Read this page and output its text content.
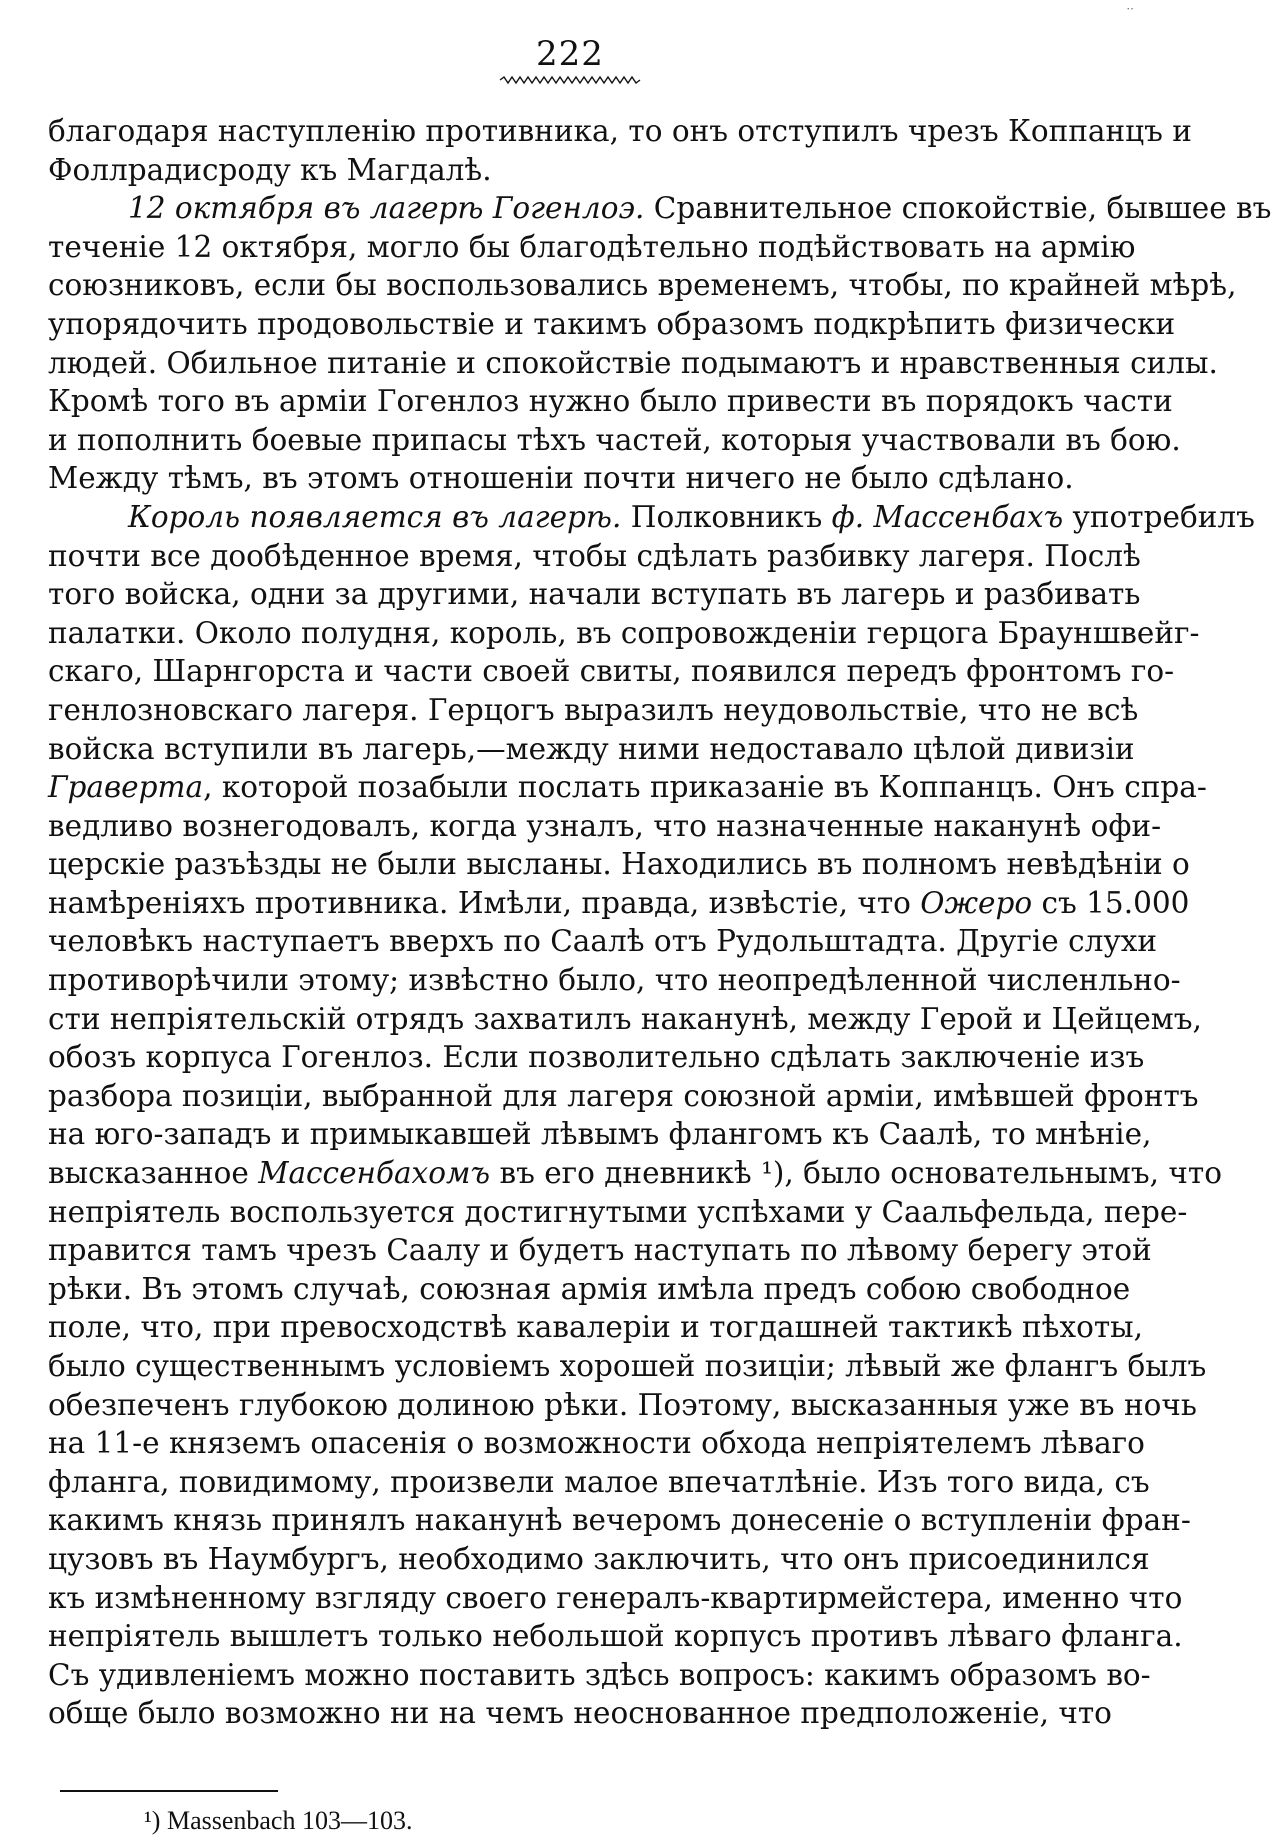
··
222
благодаря наступленію противника, то онъ отступилъ чрезъ Коппанцъ и
Фоллрадисроду къ Магдалѣ.
12 октября въ лагерѣ Гогенлоэ. Сравнительное спокойствіе, бывшее въ
теченіе 12 октября, могло бы благодѣтельно подѣйствовать на армію
союзниковъ, если бы воспользовались временемъ, чтобы, по крайней мѣрѣ,
упорядочить продовольствіе и такимъ образомъ подкрѣпить физически
людей. Обильное питаніе и спокойствіе подымаютъ и нравственныя силы.
Кромѣ того въ арміи Гогенлоз нужно было привести въ порядокъ части
и пополнить боевые припасы тѣхъ частей, которыя участвовали въ бою.
Между тѣмъ, въ этомъ отношеніи почти ничего не было сдѣлано.
Король появляется въ лагерѣ. Полковникъ ф. Массенбахъ употребилъ
почти все дообѣденное время, чтобы сдѣлать разбивку лагеря. Послѣ
того войска, одни за другими, начали вступать въ лагерь и разбивать
палатки. Около полудня, король, въ сопровожденіи герцога Брауншвейг-
скаго, Шарнгорста и части своей свиты, появился передъ фронтомъ го-
генлозновскаго лагеря. Герцогъ выразилъ неудовольствіе, что не всѣ
войска вступили въ лагерь,—между ними недоставало цѣлой дивизіи
Граверта, которой позабыли послать приказаніе въ Коппанцъ. Онъ спра-
ведливо вознегодовалъ, когда узналъ, что назначенные наканунѣ офи-
церскіе разъѣзды не были высланы. Находились въ полномъ невѣдѣніи о
намѣреніяхъ противника. Имѣли, правда, извѣстіе, что Ожеро съ 15.000
человѣкъ наступаетъ вверхъ по Саалѣ отъ Рудольштадта. Другіе слухи
противорѣчили этому; извѣстно было, что неопредѣленной численльно-
сти непріятельскій отрядъ захватилъ наканунѣ, между Герой и Цейцемъ,
обозъ корпуса Гогенлоз. Если позволительно сдѣлать заключеніе изъ
разбора позиціи, выбранной для лагеря союзной арміи, имѣвшей фронтъ
на юго-западъ и примыкавшей лѣвымъ флангомъ къ Саалѣ, то мнѣніе,
высказанное Массенбахомъ въ его дневникѣ ¹), было основательнымъ, что
непріятель воспользуется достигнутыми успѣхами у Саальфельда, пере-
правится тамъ чрезъ Саалу и будетъ наступать по лѣвому берегу этой
рѣки. Въ этомъ случаѣ, союзная армія имѣла предъ собою свободное
поле, что, при превосходствѣ кавалеріи и тогдашней тактикѣ пѣхоты,
было существеннымъ условіемъ хорошей позиціи; лѣвый же флангъ былъ
обезпеченъ глубокою долиною рѣки. Поэтому, высказанныя уже въ ночь
на 11-е княземъ опасенія о возможности обхода непріятелемъ лѣваго
фланга, повидимому, произвели малое впечатлѣніе. Изъ того вида, съ
какимъ князь принялъ наканунѣ вечеромъ донесеніе о вступленіи фран-
цузовъ въ Наумбургъ, необходимо заключить, что онъ присоединился
къ измѣненному взгляду своего генералъ-квартирмейстера, именно что
непріятель вышлетъ только небольшой корпусъ противъ лѣваго фланга.
Съ удивленіемъ можно поставить здѣсь вопросъ: какимъ образомъ во-
обще было возможно ни на чемъ неоснованное предположеніе, что
¹) Massenbach 103—103.
